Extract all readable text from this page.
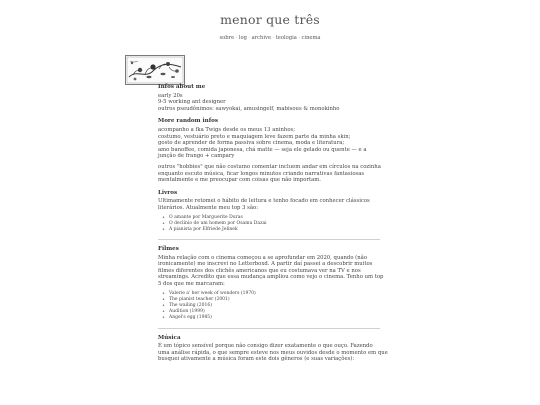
menor que três
sobre · log · archive · teologia · cinema
Infos about me
early 20s
9-5 working ant designer
outros pseudônimos: sawyokai, amusingelf, mabisous & monokinho
More random infos
acompanho a fka Twigs desde os meus 13 aninhos;
costumo, vestuário preto e maquiagem leve fazem parte da minha skin;
gosto de aprender de forma passiva sobre cinema, moda e literatura;
amo banoffee, comida japonesa, chá matte — seja ele gelado ou quente — e a
junção de frango + campary
outros "hobbies" que não costumo comentar incluem andar em círculos na cozinha
enquanto escuto música, ficar longos minutos criando narrativas fantasiosas
mentalmente e me preocupar com coisas que não importam.
Livros
Ultimamente retomei o hábito de leitura e tenho focado em conhecer clássicos
literários. Atualmente meu top 3 são:
• O amante por Marguerite Duras
• O declínio de um homem por Osamu Dazai
• A pianista por Elfriede Jelinek
Filmes
Minha relação com o cinema começou a se aprofundar em 2020, quando (não
ironicamente) me inscrevi no Letterboxd. A partir daí passei a descobrir muitos
filmes diferentes dos clichês americanos que eu costumava ver na TV e nos
streamings. Acredito que essa mudança ampliou como vejo o cinema. Tenho um top
5 dos que me marcaram:
• Valerie a' her week of wonders (1970)
• The pianist teacher (2001)
• The wailing (2016)
• Audition (1999)
• Angel's egg (1985)
Música
É um tópico sensível porque não consigo dizer exatamente o que ouço. Fazendo
uma análise rápida, o que sempre esteve nos meus ouvidos desde o momento em que
busquei ativamente a música foram este dois gêneros (e suas variações):
